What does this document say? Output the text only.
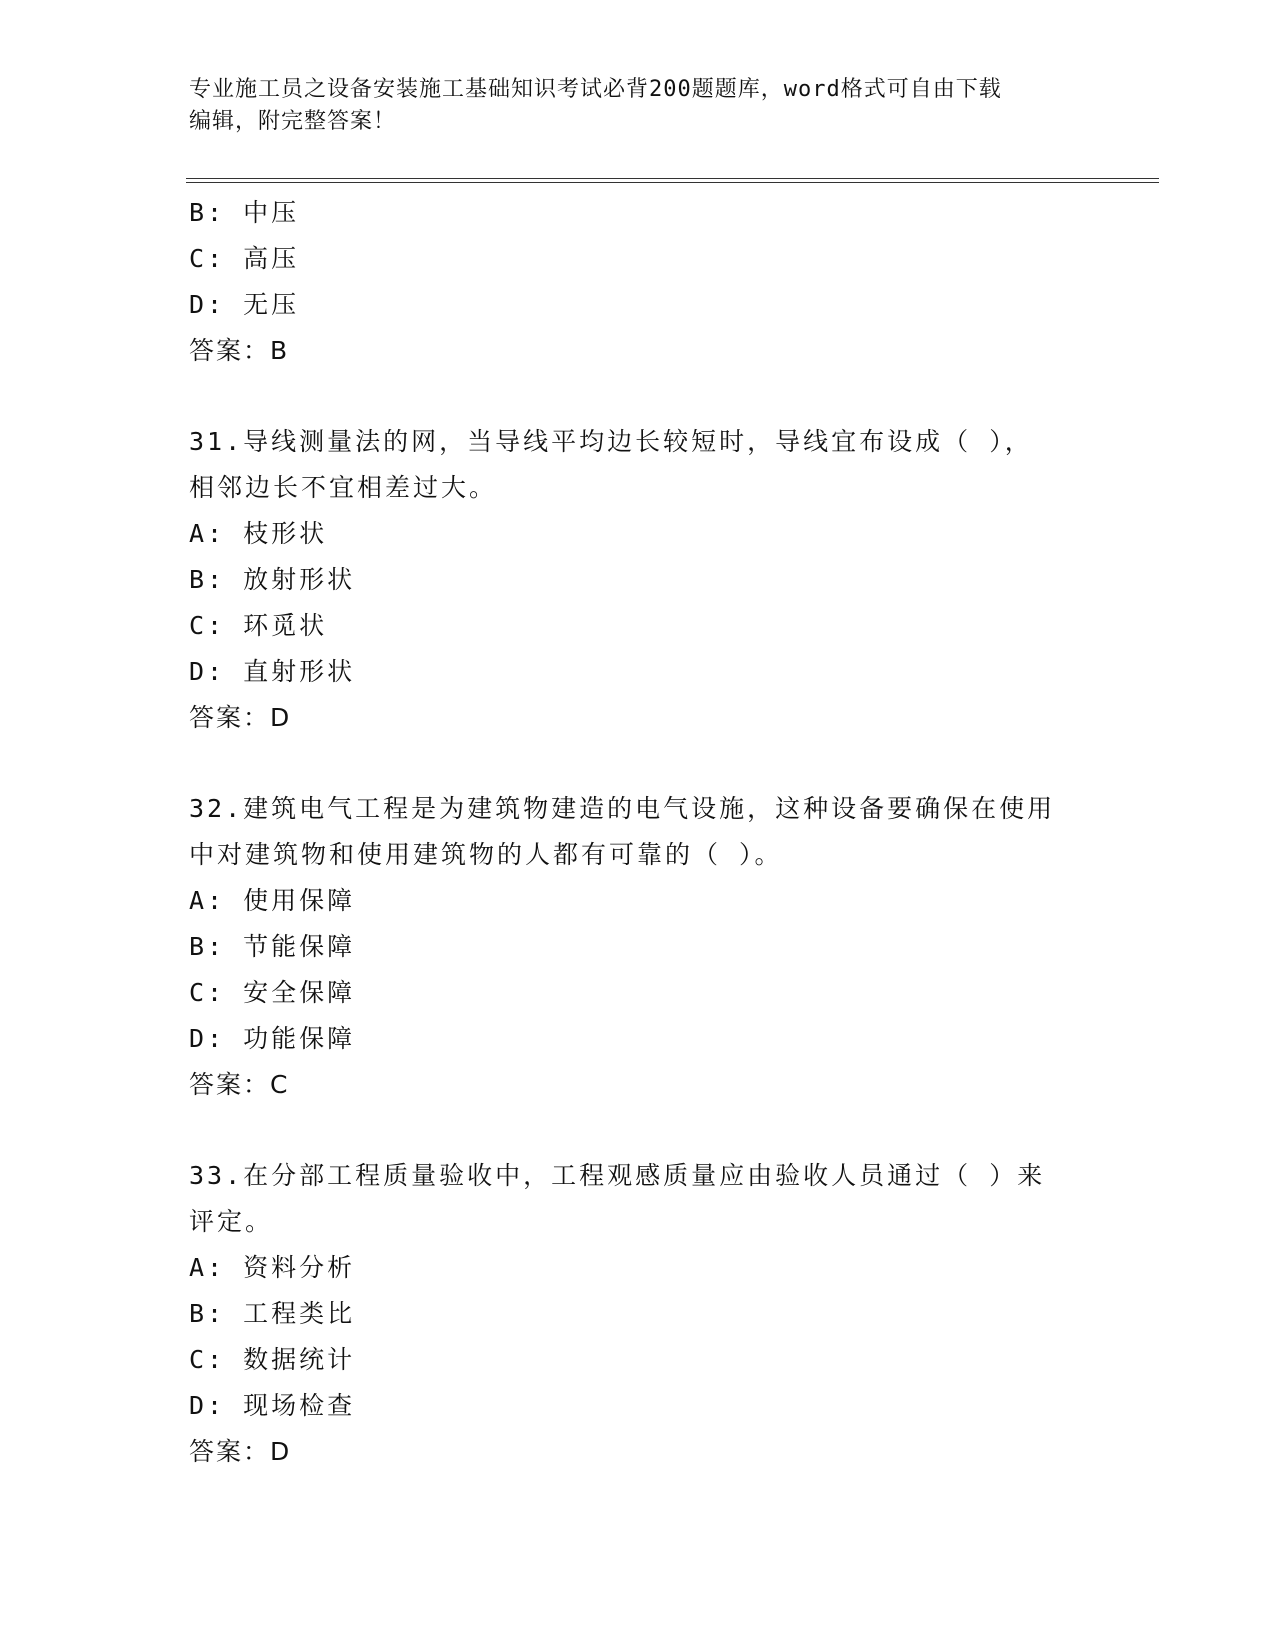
专业施工员之设备安装施工基础知识考试必背200题题库，word格式可自由下载
编辑，附完整答案！
B: 中压
C: 高压
D: 无压
答案：B
31.导线测量法的网，当导线平均边长较短时，导线宜布设成（ ），
相邻边长不宜相差过大。
A: 枝形状
B: 放射形状
C: 环觅状
D: 直射形状
答案：D
32.建筑电气工程是为建筑物建造的电气设施，这种设备要确保在使用
中对建筑物和使用建筑物的人都有可靠的（ ）。
A: 使用保障
B: 节能保障
C: 安全保障
D: 功能保障
答案：C
33.在分部工程质量验收中，工程观感质量应由验收人员通过（ ）来
评定。
A: 资料分析
B: 工程类比
C: 数据统计
D: 现场检查
答案：D
